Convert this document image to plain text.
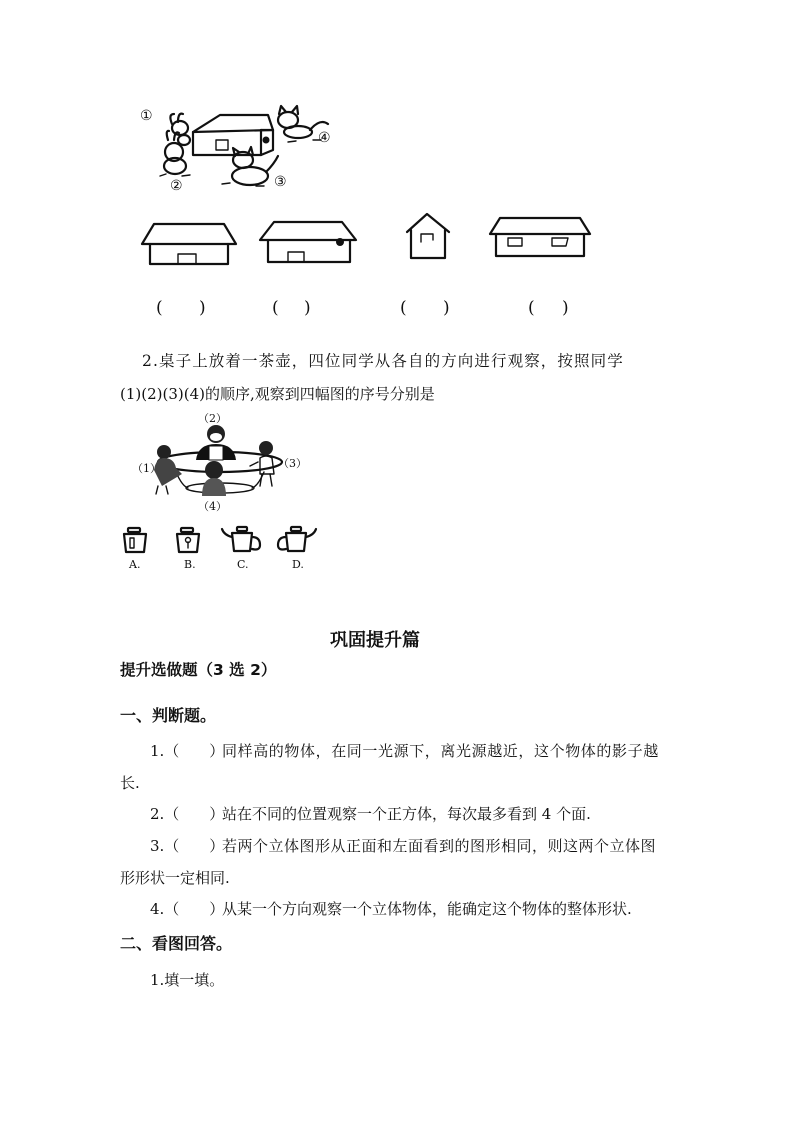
①
②	③
④
( )	( )	( )	( )
2.桌子上放着一茶壶，四位同学从各自的方向进行观察，按照同学
(1)(2)(3)(4)的顺序,观察到四幅图的序号分别是
（2）
（1）	（3）
（4）
A.	B.	C.	D.
巩固提升篇
提升选做题（3 选 2）
一、判断题。
1.（　　）
同样高的物体，在同一光源下，离光源越近，这个物体的影子越
长.
2.（　　）
站在不同的位置观察一个正方体，每次最多看到 4 个面.
3.（　　）
若两个立体图形从正面和左面看到的图形相同，则这两个立体图
形形状一定相同.
4.（　　）
从某一个方向观察一个立体物体，能确定这个物体的整体形状.
二、看图回答。
1.填一填。
